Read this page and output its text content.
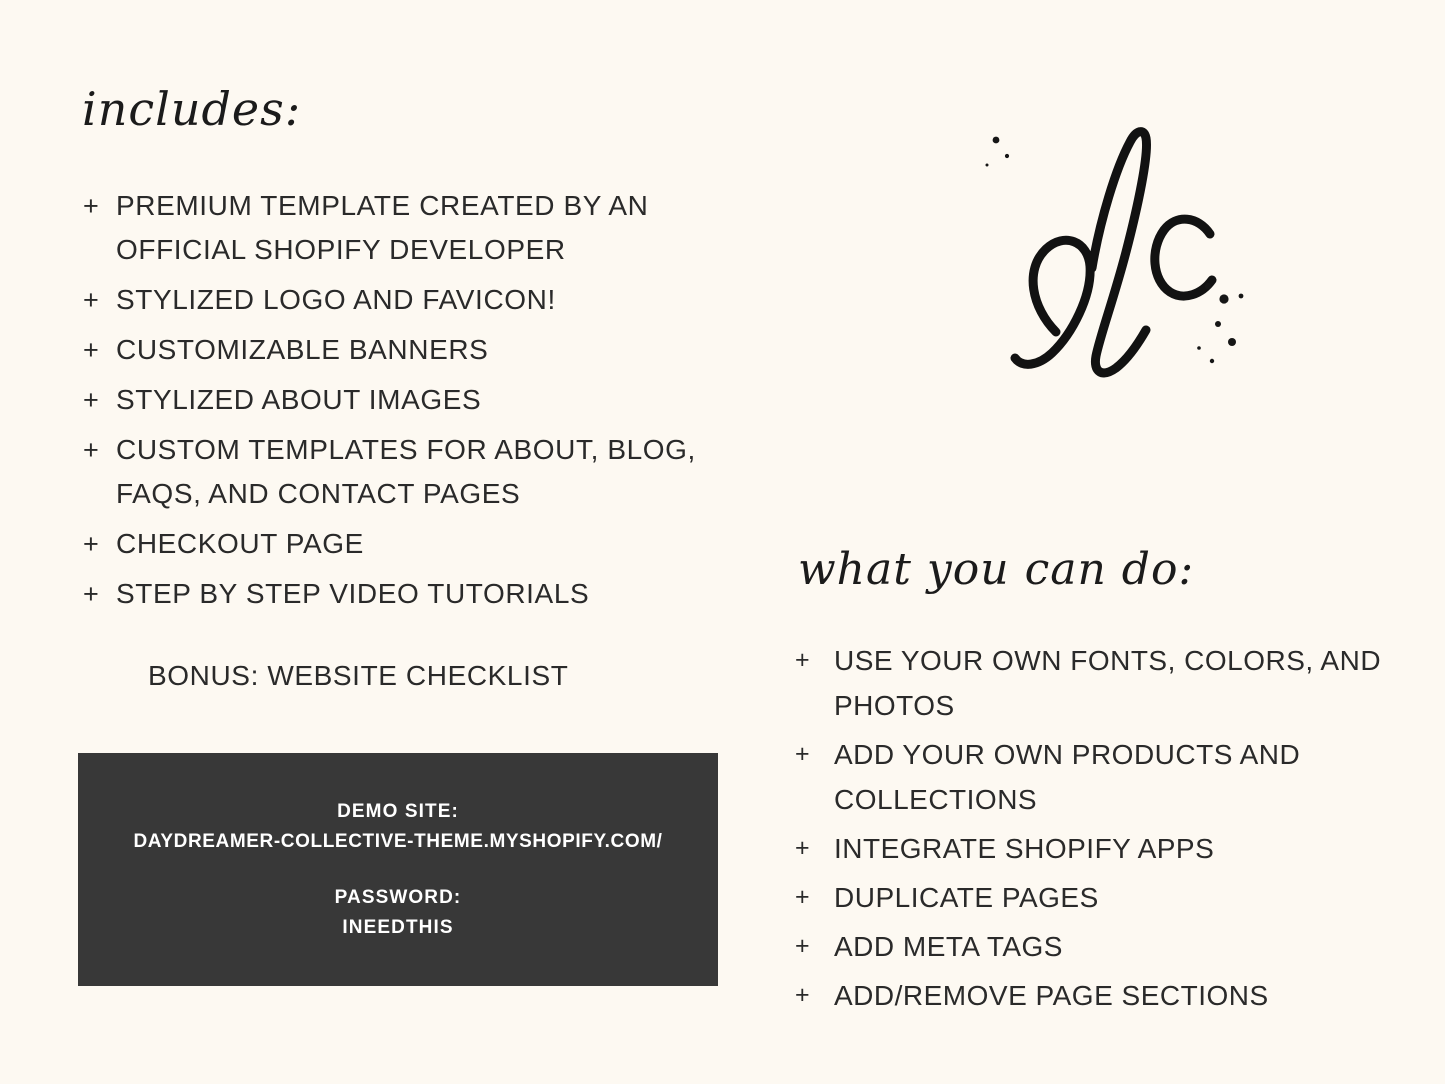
includes:
+ PREMIUM TEMPLATE CREATED BY AN OFFICIAL SHOPIFY DEVELOPER
+ STYLIZED LOGO AND FAVICON!
+ CUSTOMIZABLE BANNERS
+ STYLIZED ABOUT IMAGES
+ CUSTOM TEMPLATES FOR ABOUT, BLOG, FAQS, AND CONTACT PAGES
+ CHECKOUT PAGE
+ STEP BY STEP VIDEO TUTORIALS
BONUS: WEBSITE CHECKLIST
DEMO SITE:
DAYDREAMER-COLLECTIVE-THEME.MYSHOPIFY.COM/
PASSWORD:
INEEDTHIS
what you can do:
+ USE YOUR OWN FONTS, COLORS, AND PHOTOS
+ ADD YOUR OWN PRODUCTS AND COLLECTIONS
+ INTEGRATE SHOPIFY APPS
+ DUPLICATE PAGES
+ ADD META TAGS
+ ADD/REMOVE PAGE SECTIONS
